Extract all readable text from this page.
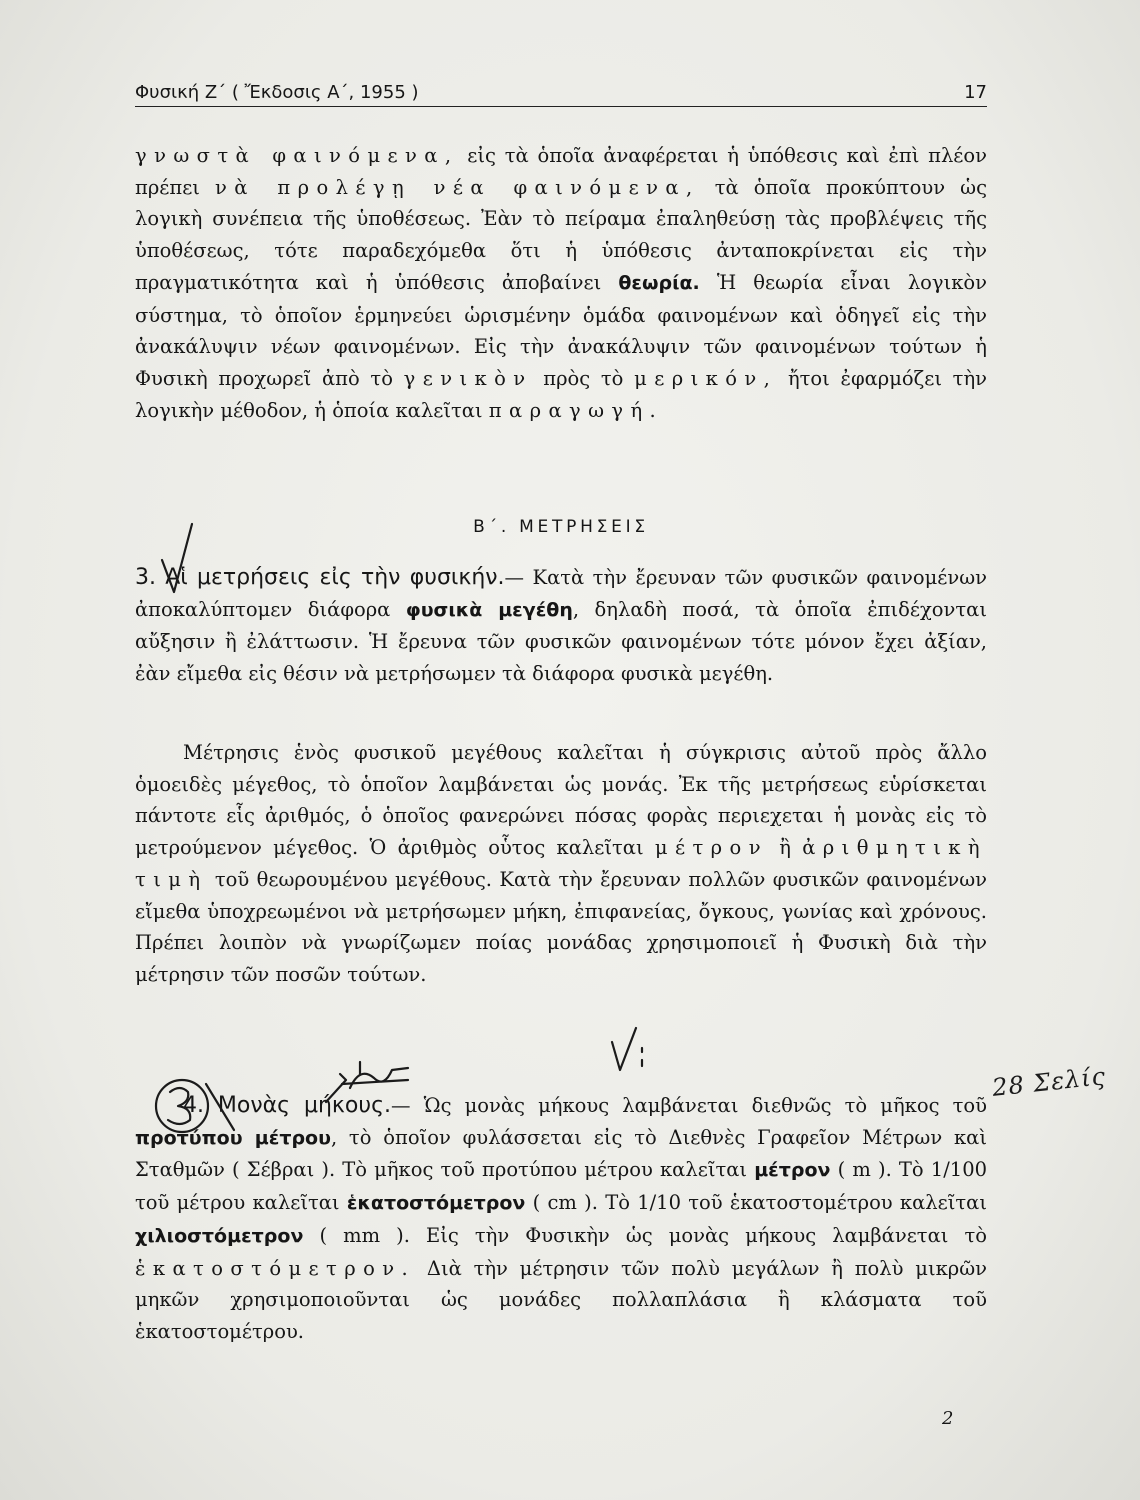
Φυσική Ζ΄ ( Ἔκδοσις Α΄, 1955 )	17
γνωστὰ φαινόμενα, εἰς τὰ ὁποῖα ἀναφέρεται ἡ ὑπόθεσις καὶ ἐπὶ πλέον πρέπει νὰ προλέγῃ νέα φαινόμενα, τὰ ὁποῖα προκύπτουν ὡς λογικὴ συνέπεια τῆς ὑποθέσεως. Ἐὰν τὸ πείραμα ἐπαληθεύσῃ τὰς προβλέψεις τῆς ὑποθέσεως, τότε παραδεχόμεθα ὅτι ἡ ὑπόθεσις ἀνταποκρίνεται εἰς τὴν πραγματικότητα καὶ ἡ ὑπόθεσις ἀποβαίνει θεωρία. Ἡ θεωρία εἶναι λογικὸν σύστημα, τὸ ὁποῖον ἑρμηνεύει ὡρισμένην ὁμάδα φαινομένων καὶ ὁδηγεῖ εἰς τὴν ἀνακάλυψιν νέων φαινομένων. Εἰς τὴν ἀνακάλυψιν τῶν φαινομένων τούτων ἡ Φυσικὴ προχωρεῖ ἀπὸ τὸ γενικὸν πρὸς τὸ μερικόν, ἤτοι ἐφαρμόζει τὴν λογικὴν μέθοδον, ἡ ὁποία καλεῖται παραγωγή.
Β΄. ΜΕΤΡΗΣΕΙΣ
3. Αἱ μετρήσεις εἰς τὴν φυσικήν.— Κατὰ τὴν ἔρευναν τῶν φυσικῶν φαινομένων ἀποκαλύπτομεν διάφορα φυσικὰ μεγέθη, δηλαδὴ ποσά, τὰ ὁποῖα ἐπιδέχονται αὔξησιν ἢ ἐλάττωσιν. Ἡ ἔρευνα τῶν φυσικῶν φαινομένων τότε μόνον ἔχει ἀξίαν, ἐὰν εἴμεθα εἰς θέσιν νὰ μετρήσωμεν τὰ διάφορα φυσικὰ μεγέθη.
Μέτρησις ἑνὸς φυσικοῦ μεγέθους καλεῖται ἡ σύγκρισις αὐτοῦ πρὸς ἄλλο ὁμοειδὲς μέγεθος, τὸ ὁποῖον λαμβάνεται ὡς μονάς. Ἐκ τῆς μετρήσεως εὑρίσκεται πάντοτε εἷς ἀριθμός, ὁ ὁποῖος φανερώνει πόσας φορὰς περιεχεται ἡ μονὰς εἰς τὸ μετρούμενον μέγεθος. Ὁ ἀριθμὸς οὗτος καλεῖται μέτρον ἢ ἀριθμητικὴ τιμὴ τοῦ θεωρουμένου μεγέθους. Κατὰ τὴν ἔρευναν πολλῶν φυσικῶν φαινομένων εἴμεθα ὑποχρεωμένοι νὰ μετρήσωμεν μήκη, ἐπιφανείας, ὄγκους, γωνίας καὶ χρόνους. Πρέπει λοιπὸν νὰ γνωρίζωμεν ποίας μονάδας χρησιμοποιεῖ ἡ Φυσικὴ διὰ τὴν μέτρησιν τῶν ποσῶν τούτων.
4. Μονὰς μήκους.— Ὡς μονὰς μήκους λαμβάνεται διεθνῶς τὸ μῆκος τοῦ προτύπου μέτρου, τὸ ὁποῖον φυλάσσεται εἰς τὸ Διεθνὲς Γραφεῖον Μέτρων καὶ Σταθμῶν ( Σέβραι ). Τὸ μῆκος τοῦ προτύπου μέτρου καλεῖται μέτρον ( m ). Τὸ 1/100 τοῦ μέτρου καλεῖται ἑκατοστόμετρον ( cm ). Τὸ 1/10 τοῦ ἑκατοστομέτρου καλεῖται χιλιοστόμετρον ( mm ). Εἰς τὴν Φυσικὴν ὡς μονὰς μήκους λαμβάνεται τὸ ἑκατοστόμετρον. Διὰ τὴν μέτρησιν τῶν πολὺ μεγάλων ἢ πολὺ μικρῶν μηκῶν χρησιμοποιοῦνται ὡς μονάδες πολλαπλάσια ἢ κλάσματα τοῦ ἑκατοστομέτρου.
2
28 Σελίς
